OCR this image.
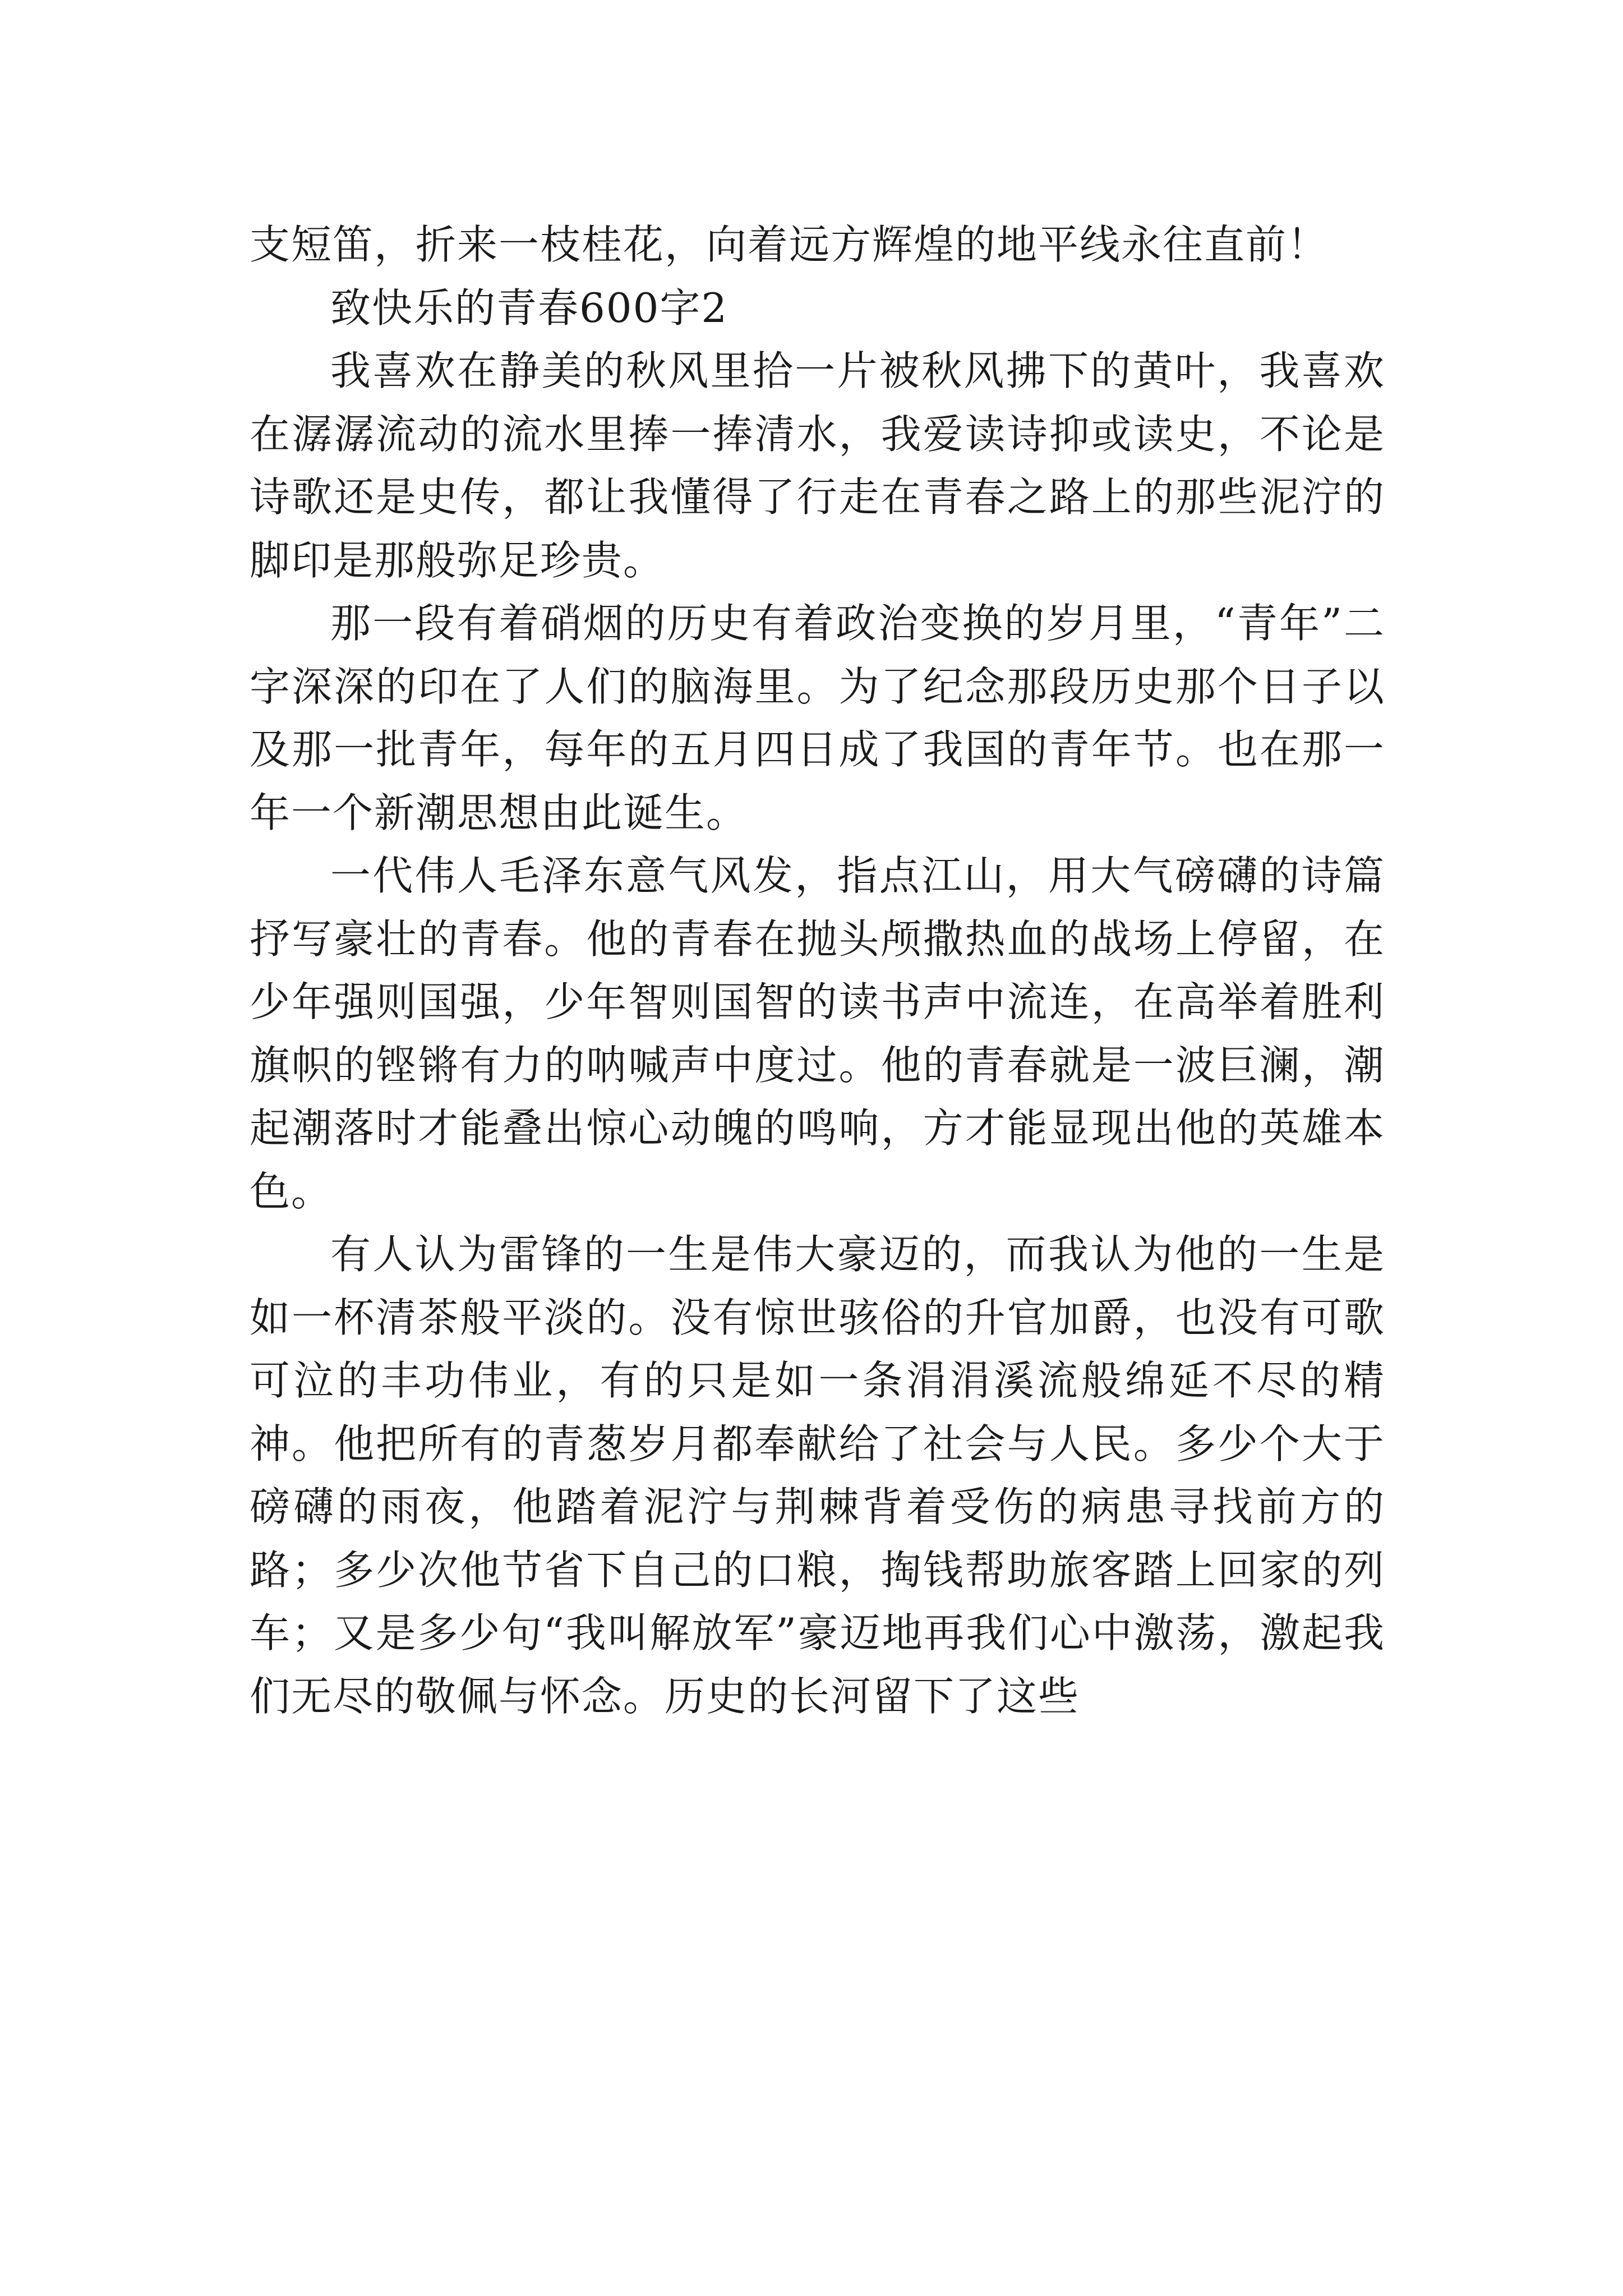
支短笛，折来一枝桂花，向着远方辉煌的地平线永往直前！

致快乐的青春600字2

我喜欢在静美的秋风里拾一片被秋风拂下的黄叶，我喜欢在潺潺流动的流水里捧一捧清水，我爱读诗抑或读史，不论是诗歌还是史传，都让我懂得了行走在青春之路上的那些泥泞的脚印是那般弥足珍贵。

那一段有着硝烟的历史有着政治变换的岁月里，“青年”二字深深的印在了人们的脑海里。为了纪念那段历史那个日子以及那一批青年，每年的五月四日成了我国的青年节。也在那一年一个新潮思想由此诞生。

一代伟人毛泽东意气风发，指点江山，用大气磅礴的诗篇抒写豪壮的青春。他的青春在抛头颅撒热血的战场上停留，在少年强则国强，少年智则国智的读书声中流连，在高举着胜利旗帜的铿锵有力的呐喊声中度过。他的青春就是一波巨澜，潮起潮落时才能叠出惊心动魄的鸣响，方才能显现出他的英雄本色。

有人认为雷锋的一生是伟大豪迈的，而我认为他的一生是如一杯清茶般平淡的。没有惊世骇俗的升官加爵，也没有可歌可泣的丰功伟业，有的只是如一条涓涓溪流般绵延不尽的精神。他把所有的青葱岁月都奉献给了社会与人民。多少个大于磅礴的雨夜，他踏着泥泞与荆棘背着受伤的病患寻找前方的路；多少次他节省下自己的口粮，掏钱帮助旅客踏上回家的列车；又是多少句“我叫解放军”豪迈地再我们心中激荡，激起我们无尽的敬佩与怀念。历史的长河留下了这些
